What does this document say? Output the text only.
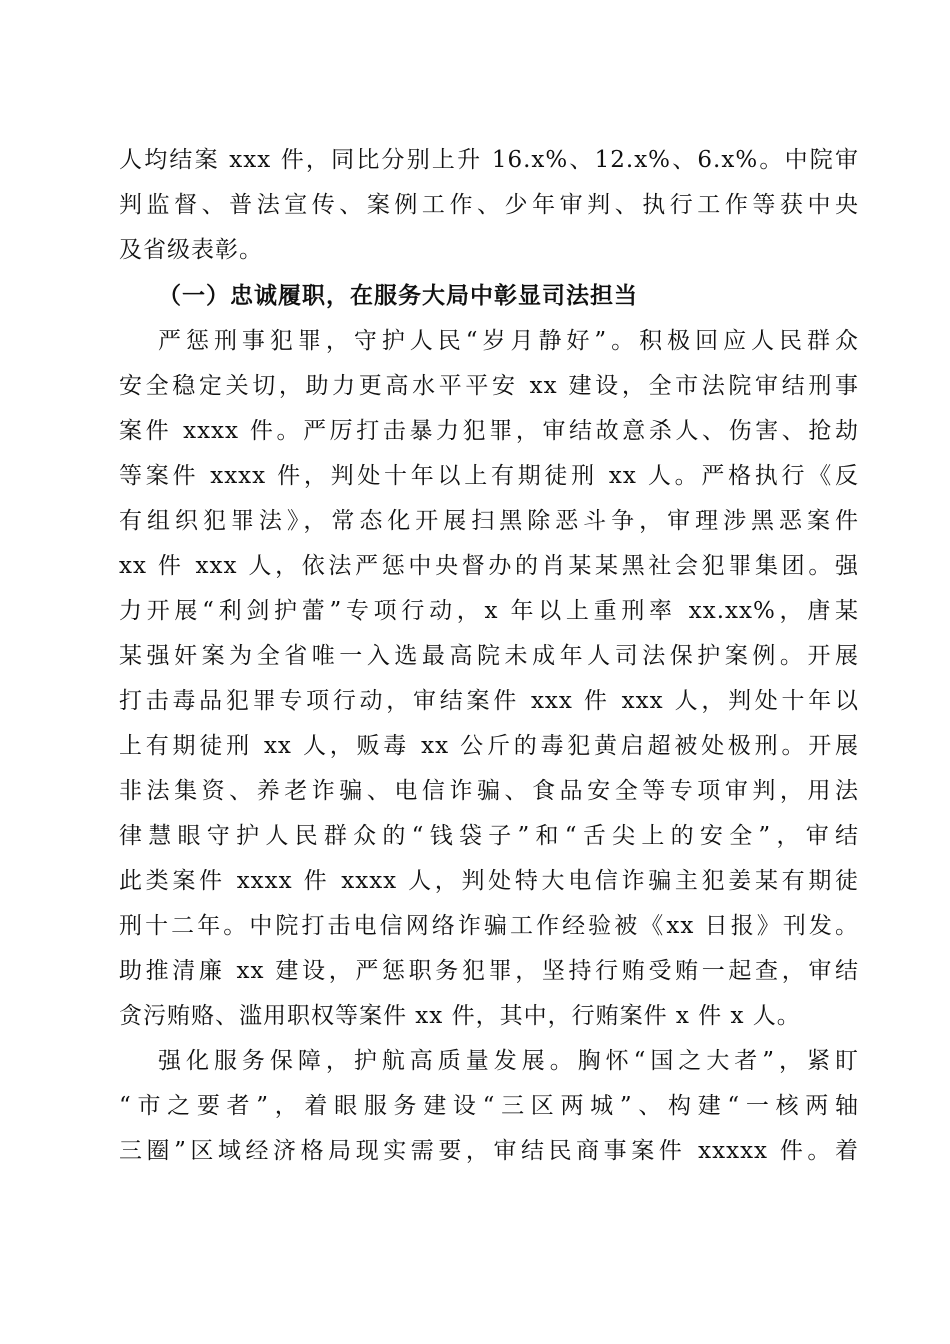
人均结案 xxx 件，同比分别上升 16.x%、12.x%、6.x%。中院审
判监督、普法宣传、案例工作、少年审判、执行工作等获中央
及省级表彰。
（一）忠诚履职，在服务大局中彰显司法担当
严惩刑事犯罪，守护人民“岁月静好”。积极回应人民群众
安全稳定关切，助力更高水平平安 xx 建设，全市法院审结刑事
案件 xxxx 件。严厉打击暴力犯罪，审结故意杀人、伤害、抢劫
等案件 xxxx 件，判处十年以上有期徒刑 xx 人。严格执行《反
有组织犯罪法》，常态化开展扫黑除恶斗争，审理涉黑恶案件
xx 件 xxx 人，依法严惩中央督办的肖某某黑社会犯罪集团。强
力开展“利剑护蕾”专项行动，x 年以上重刑率 xx.xx%，唐某
某强奸案为全省唯一入选最高院未成年人司法保护案例。开展
打击毒品犯罪专项行动，审结案件 xxx 件 xxx 人，判处十年以
上有期徒刑 xx 人，贩毒 xx 公斤的毒犯黄启超被处极刑。开展
非法集资、养老诈骗、电信诈骗、食品安全等专项审判，用法
律慧眼守护人民群众的“钱袋子”和“舌尖上的安全”，审结
此类案件 xxxx 件 xxxx 人，判处特大电信诈骗主犯姜某有期徒
刑十二年。中院打击电信网络诈骗工作经验被《xx 日报》刊发。
助推清廉 xx 建设，严惩职务犯罪，坚持行贿受贿一起查，审结
贪污贿赂、滥用职权等案件 xx 件，其中，行贿案件 x 件 x 人。
强化服务保障，护航高质量发展。胸怀“国之大者”，紧盯
“市之要者”，着眼服务建设“三区两城”、构建“一核两轴
三圈”区域经济格局现实需要，审结民商事案件 xxxxx 件。着
